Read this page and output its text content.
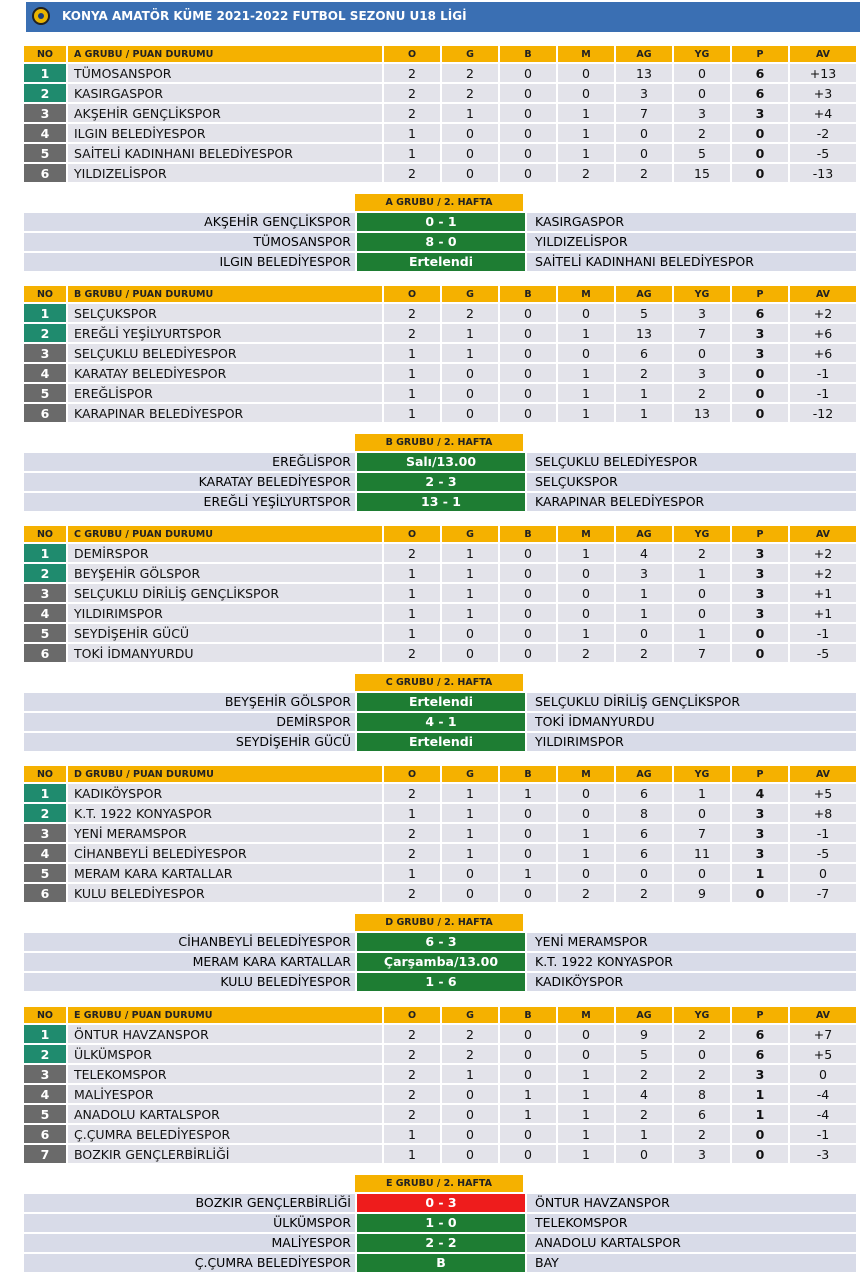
KONYA AMATÖR KÜME 2021-2022 FUTBOL SEZONU U18 LİGİ
NO	A GRUBU / PUAN DURUMU	O	G	B	M	AG	YG	P	AV
1	TÜMOSANSPOR	2	2	0	0	13	0	6	+13
2	KASIRGASPOR	2	2	0	0	3	0	6	+3
3	AKŞEHİR GENÇLİKSPOR	2	1	0	1	7	3	3	+4
4	ILGIN BELEDİYESPOR	1	0	0	1	0	2	0	-2
5	SAİTELİ KADINHANI BELEDİYESPOR	1	0	0	1	0	5	0	-5
6	YILDIZELİSPOR	2	0	0	2	2	15	0	-13
A GRUBU / 2. HAFTA
AKŞEHİR GENÇLİKSPOR	0 - 1	KASIRGASPOR
TÜMOSANSPOR	8 - 0	YILDIZELİSPOR
ILGIN BELEDİYESPOR	Ertelendi	SAİTELİ KADINHANI BELEDİYESPOR
NO	B GRUBU / PUAN DURUMU	O	G	B	M	AG	YG	P	AV
1	SELÇUKSPOR	2	2	0	0	5	3	6	+2
2	EREĞLİ YEŞİLYURTSPOR	2	1	0	1	13	7	3	+6
3	SELÇUKLU BELEDİYESPOR	1	1	0	0	6	0	3	+6
4	KARATAY BELEDİYESPOR	1	0	0	1	2	3	0	-1
5	EREĞLİSPOR	1	0	0	1	1	2	0	-1
6	KARAPINAR BELEDİYESPOR	1	0	0	1	1	13	0	-12
B GRUBU / 2. HAFTA
EREĞLİSPOR	Salı/13.00	SELÇUKLU BELEDİYESPOR
KARATAY BELEDİYESPOR	2 - 3	SELÇUKSPOR
EREĞLİ YEŞİLYURTSPOR	13 - 1	KARAPINAR BELEDİYESPOR
NO	C GRUBU / PUAN DURUMU	O	G	B	M	AG	YG	P	AV
1	DEMİRSPOR	2	1	0	1	4	2	3	+2
2	BEYŞEHİR GÖLSPOR	1	1	0	0	3	1	3	+2
3	SELÇUKLU DİRİLİŞ GENÇLİKSPOR	1	1	0	0	1	0	3	+1
4	YILDIRIMSPOR	1	1	0	0	1	0	3	+1
5	SEYDİŞEHİR GÜCÜ	1	0	0	1	0	1	0	-1
6	TOKİ İDMANYURDU	2	0	0	2	2	7	0	-5
C GRUBU / 2. HAFTA
BEYŞEHİR GÖLSPOR	Ertelendi	SELÇUKLU DİRİLİŞ GENÇLİKSPOR
DEMİRSPOR	4 - 1	TOKİ İDMANYURDU
SEYDİŞEHİR GÜCÜ	Ertelendi	YILDIRIMSPOR
NO	D GRUBU / PUAN DURUMU	O	G	B	M	AG	YG	P	AV
1	KADIKÖYSPOR	2	1	1	0	6	1	4	+5
2	K.T. 1922 KONYASPOR	1	1	0	0	8	0	3	+8
3	YENİ MERAMSPOR	2	1	0	1	6	7	3	-1
4	CİHANBEYLİ BELEDİYESPOR	2	1	0	1	6	11	3	-5
5	MERAM KARA KARTALLAR	1	0	1	0	0	0	1	0
6	KULU BELEDİYESPOR	2	0	0	2	2	9	0	-7
D GRUBU / 2. HAFTA
CİHANBEYLİ BELEDİYESPOR	6 - 3	YENİ MERAMSPOR
MERAM KARA KARTALLAR	Çarşamba/13.00	K.T. 1922 KONYASPOR
KULU BELEDİYESPOR	1 - 6	KADIKÖYSPOR
NO	E GRUBU / PUAN DURUMU	O	G	B	M	AG	YG	P	AV
1	ÖNTUR HAVZANSPOR	2	2	0	0	9	2	6	+7
2	ÜLKÜMSPOR	2	2	0	0	5	0	6	+5
3	TELEKOMSPOR	2	1	0	1	2	2	3	0
4	MALİYESPOR	2	0	1	1	4	8	1	-4
5	ANADOLU KARTALSPOR	2	0	1	1	2	6	1	-4
6	Ç.ÇUMRA BELEDİYESPOR	1	0	0	1	1	2	0	-1
7	BOZKIR GENÇLERBİRLİĞİ	1	0	0	1	0	3	0	-3
E GRUBU / 2. HAFTA
BOZKIR GENÇLERBİRLİĞİ	0 - 3	ÖNTUR HAVZANSPOR
ÜLKÜMSPOR	1 - 0	TELEKOMSPOR
MALİYESPOR	2 - 2	ANADOLU KARTALSPOR
Ç.ÇUMRA BELEDİYESPOR	B	BAY
